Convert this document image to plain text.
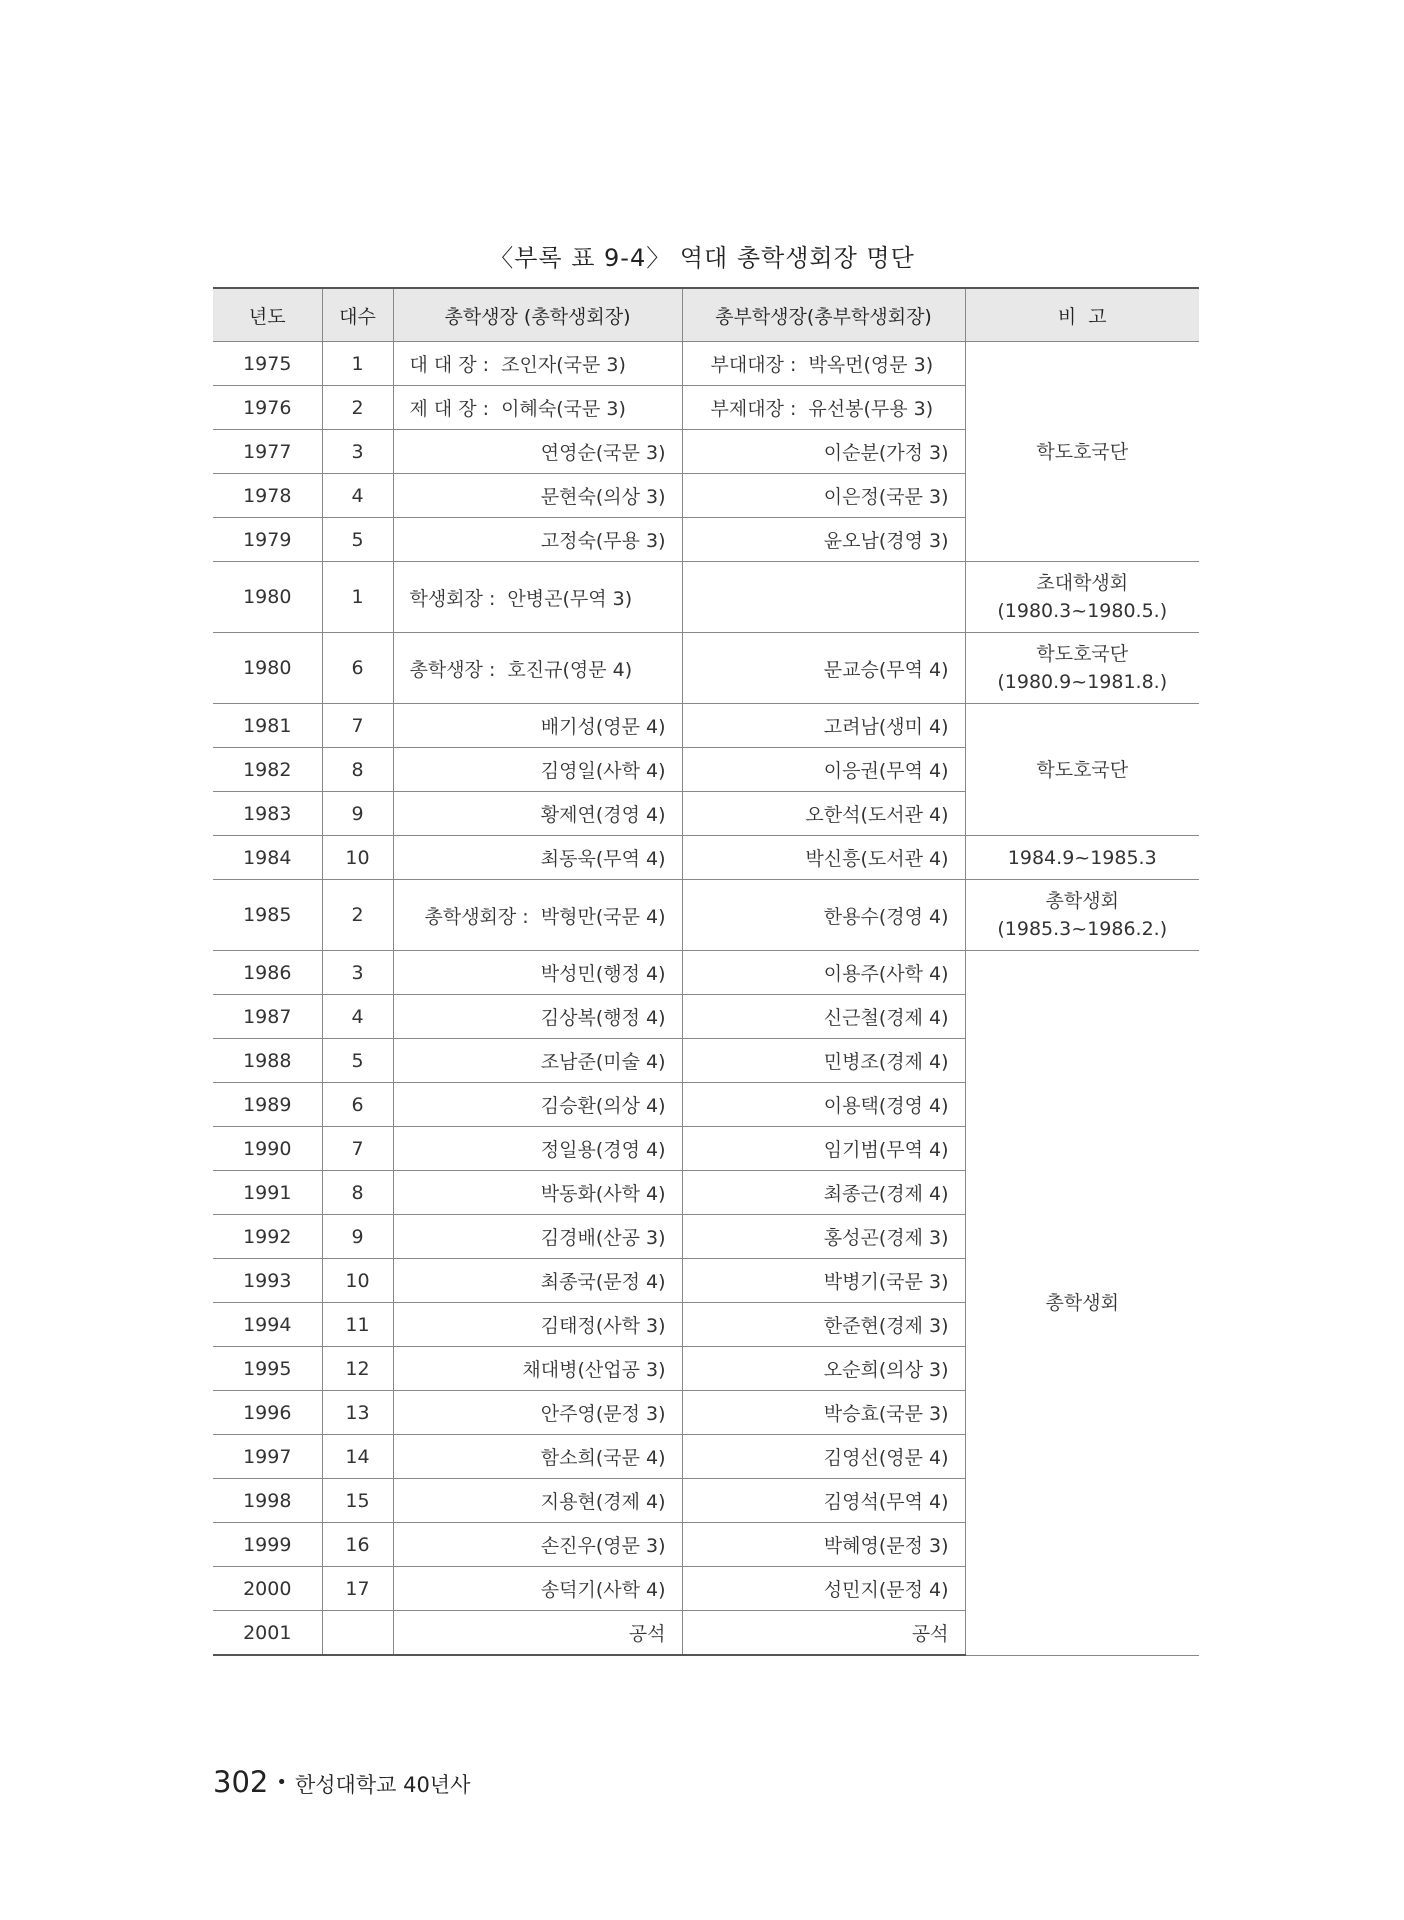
〈부록 표 9-4〉 역대 총학생회장 명단
년도	대수	총학생장 (총학생회장)	총부학생장(총부학생회장)	비  고
1975	1	대 대 장 :  조인자(국문 3)	부대대장 :  박옥먼(영문 3)	학도호국단
1976	2	제 대 장 :  이혜숙(국문 3)	부제대장 :  유선봉(무용 3)	
1977	3	연영순(국문 3)	이순분(가정 3)	
1978	4	문현숙(의상 3)	이은정(국문 3)	
1979	5	고정숙(무용 3)	윤오남(경영 3)	
1980	1	학생회장 :  안병곤(무역 3)		초대학생회
(1980.3~1980.5.)

1980	6	총학생장 :  호진규(영문 4)	문교승(무역 4)	학도호국단
(1980.9~1981.8.)

1981	7	배기성(영문 4)	고려남(생미 4)	학도호국단
1982	8	김영일(사학 4)	이응권(무역 4)	
1983	9	황제연(경영 4)	오한석(도서관 4)	
1984	10	최동욱(무역 4)	박신흥(도서관 4)	1984.9~1985.3
1985	2	총학생회장 :  박형만(국문 4)	한용수(경영 4)	총학생회
(1985.3~1986.2.)

1986	3	박성민(행정 4)	이용주(사학 4)	총학생회
1987	4	김상복(행정 4)	신근철(경제 4)	
1988	5	조남준(미술 4)	민병조(경제 4)	
1989	6	김승환(의상 4)	이용택(경영 4)	
1990	7	정일용(경영 4)	임기범(무역 4)	
1991	8	박동화(사학 4)	최종근(경제 4)	
1992	9	김경배(산공 3)	홍성곤(경제 3)	
1993	10	최종국(문정 4)	박병기(국문 3)	
1994	11	김태정(사학 3)	한준현(경제 3)	
1995	12	채대병(산업공 3)	오순희(의상 3)	
1996	13	안주영(문정 3)	박승효(국문 3)	
1997	14	함소희(국문 4)	김영선(영문 4)	
1998	15	지용현(경제 4)	김영석(무역 4)	
1999	16	손진우(영문 3)	박혜영(문정 3)	
2000	17	송덕기(사학 4)	성민지(문정 4)	
2001		공석	공석	
302 • 한성대학교 40년사
